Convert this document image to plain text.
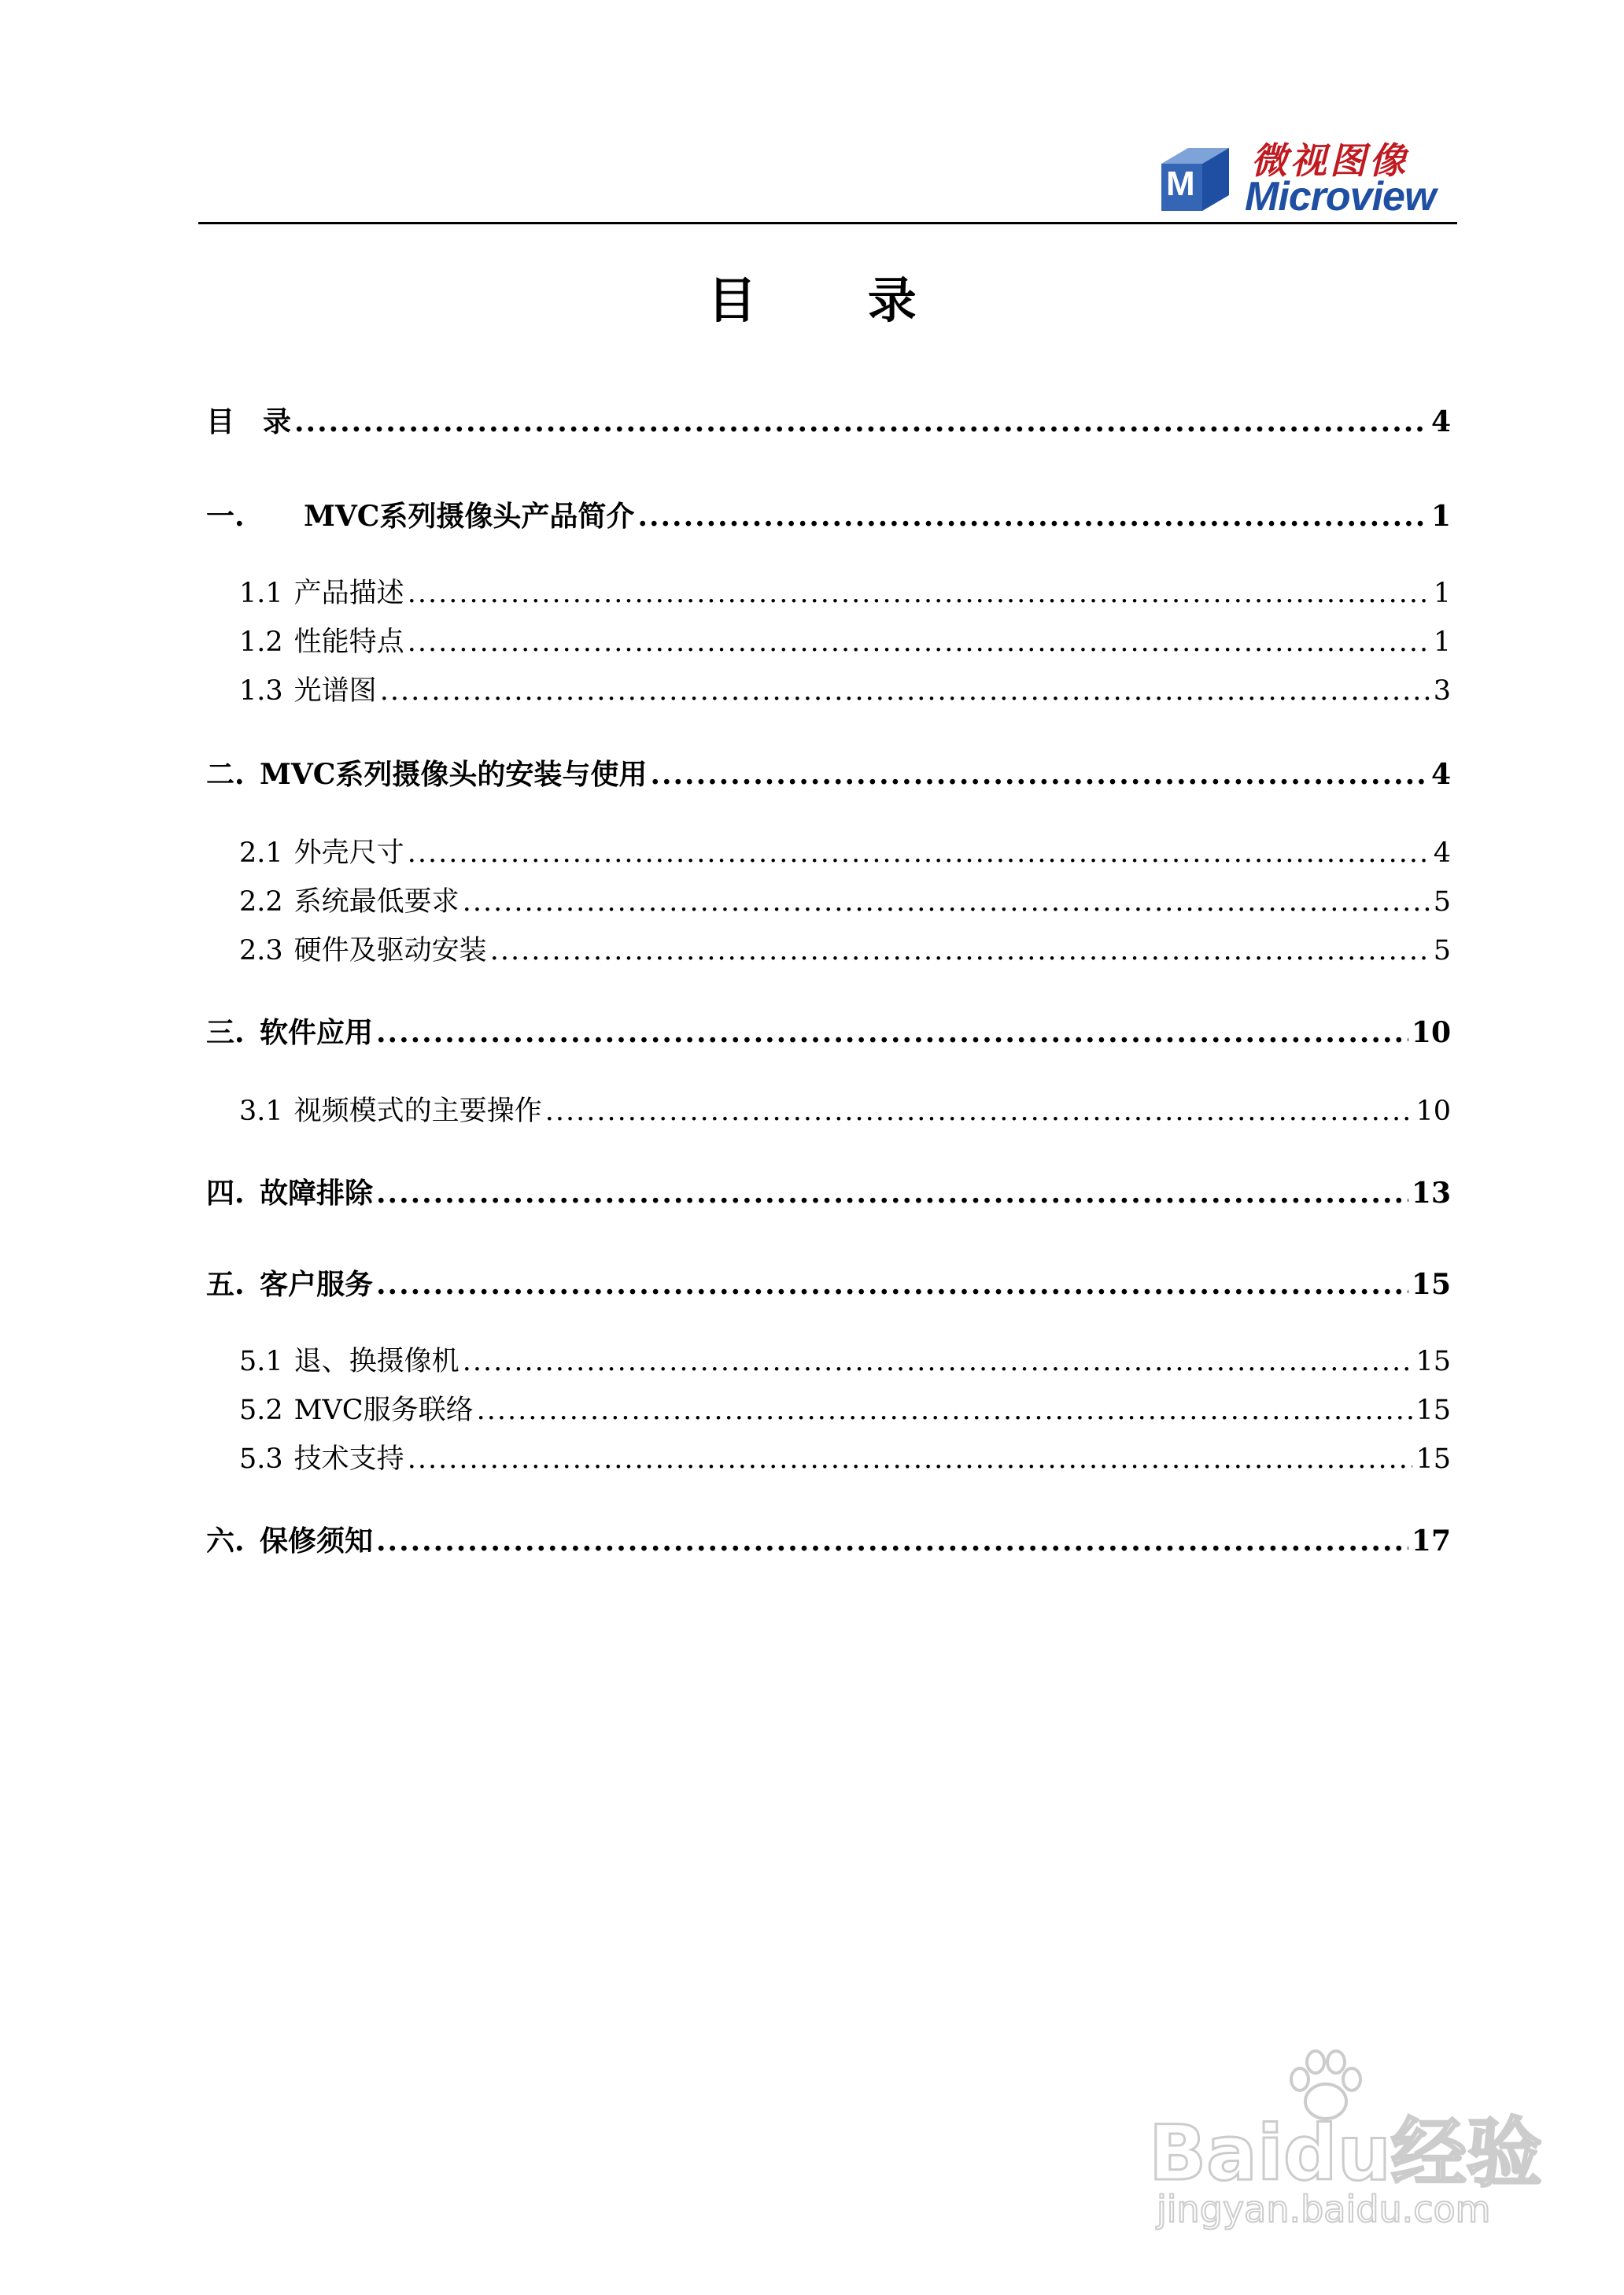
M
微视图像
Microview
目 录
目　录 .....	4
一.	MVC系列摄像头产品简介 .....	1
1.1 产品描述 .....	1
1.2 性能特点 .....	1
1.3 光谱图 .....	3
二. MVC系列摄像头的安装与使用 .....	4
2.1 外壳尺寸 .....	4
2.2 系统最低要求 .....	5
2.3 硬件及驱动安装 .....	5
三. 软件应用 .....	10
3.1 视频模式的主要操作 .....	10
四. 故障排除 .....	13
五. 客户服务 .....	15
5.1 退、换摄像机 .....	15
5.2 MVC服务联络 .....	15
5.3 技术支持 .....	15
六. 保修须知 .....	17
Baidu经验
jingyan.baidu.com
